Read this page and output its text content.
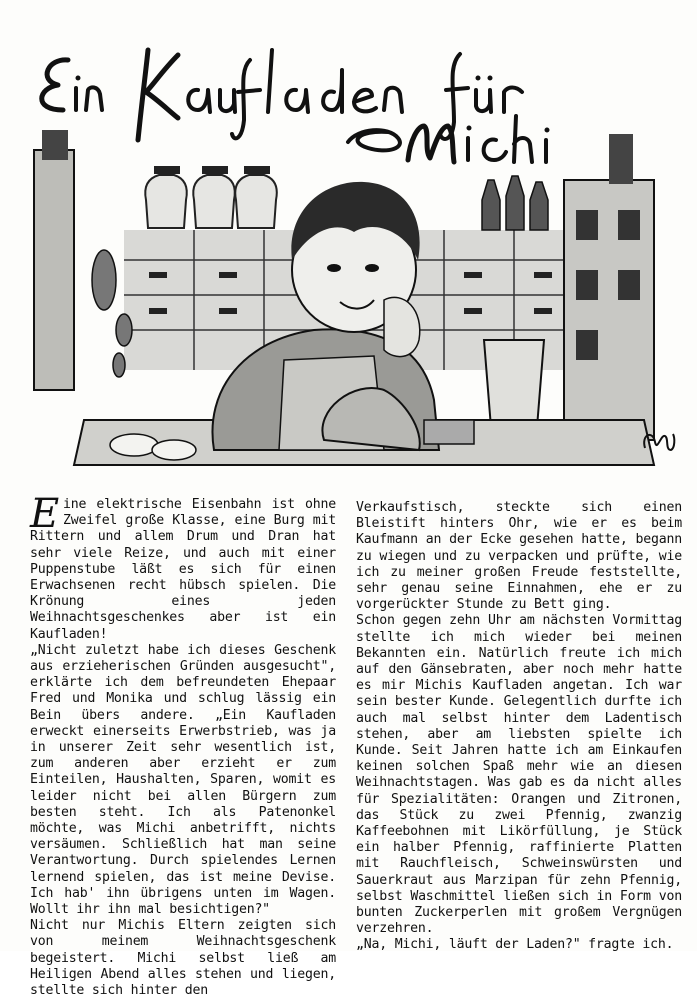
Eine elektrische Eisenbahn ist ohne Zweifel große Klasse, eine Burg mit Rittern und allem Drum und Dran hat sehr viele Reize, und auch mit einer Puppenstube läßt es sich für einen Erwachsenen recht hübsch spielen. Die Krönung eines jeden Weihnachtsgeschenkes aber ist ein Kaufladen!

„Nicht zuletzt habe ich dieses Geschenk aus erzieherischen Gründen ausgesucht", erklärte ich dem befreundeten Ehepaar Fred und Monika und schlug lässig ein Bein übers andere. „Ein Kaufladen erweckt einerseits Erwerbstrieb, was ja in unserer Zeit sehr wesentlich ist, zum anderen aber erzieht er zum Einteilen, Haushalten, Sparen, womit es leider nicht bei allen Bürgern zum besten steht. Ich als Patenonkel möchte, was Michi anbetrifft, nichts versäumen. Schließlich hat man seine Verantwortung. Durch spielendes Lernen lernend spielen, das ist meine Devise. Ich hab' ihn übrigens unten im Wagen. Wollt ihr ihn mal besichtigen?"

Nicht nur Michis Eltern zeigten sich von meinem Weihnachtsgeschenk begeistert. Michi selbst ließ am Heiligen Abend alles stehen und liegen, stellte sich hinter den

Verkaufstisch, steckte sich einen Bleistift hinters Ohr, wie er es beim Kaufmann an der Ecke gesehen hatte, begann zu wiegen und zu verpacken und prüfte, wie ich zu meiner großen Freude feststellte, sehr genau seine Einnahmen, ehe er zu vorgerückter Stunde zu Bett ging.

Schon gegen zehn Uhr am nächsten Vormittag stellte ich mich wieder bei meinen Bekannten ein. Natürlich freute ich mich auf den Gänsebraten, aber noch mehr hatte es mir Michis Kaufladen angetan. Ich war sein bester Kunde. Gelegentlich durfte ich auch mal selbst hinter dem Ladentisch stehen, aber am liebsten spielte ich Kunde. Seit Jahren hatte ich am Einkaufen keinen solchen Spaß mehr wie an diesen Weihnachtstagen. Was gab es da nicht alles für Spezialitäten: Orangen und Zitronen, das Stück zu zwei Pfennig, zwanzig Kaffeebohnen mit Likörfüllung, je Stück ein halber Pfennig, raffinierte Platten mit Rauchfleisch, Schweinswürsten und Sauerkraut aus Marzipan für zehn Pfennig, selbst Waschmittel ließen sich in Form von bunten Zuckerperlen mit großem Vergnügen verzehren.

„Na, Michi, läuft der Laden?" fragte ich.
